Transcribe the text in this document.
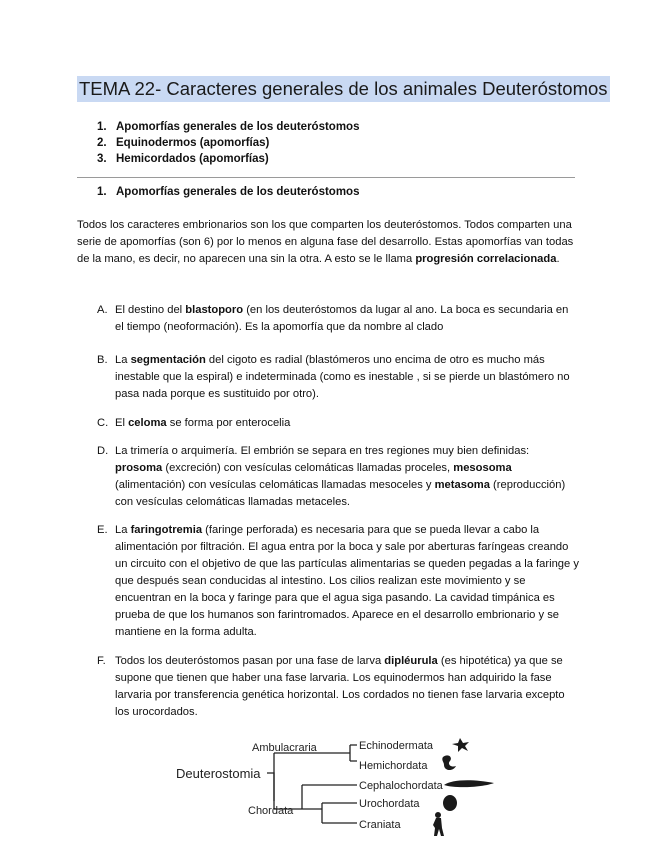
TEMA 22- Caracteres generales de los animales Deuteróstomos
1. Apomorfías generales de los deuteróstomos
2. Equinodermos (apomorfías)
3. Hemicordados (apomorfías)
1. Apomorfías generales de los deuteróstomos
Todos los caracteres embrionarios son los que comparten los deuteróstomos. Todos comparten una serie de apomorfías (son 6) por lo menos en alguna fase del desarrollo. Estas apomorfías van todas de la mano, es decir, no aparecen una sin la otra. A esto se le llama progresión correlacionada.
A. El destino del blastoporo (en los deuteróstomos da lugar al ano. La boca es secundaria en el tiempo (neoformación). Es la apomorfía que da nombre al clado
B. La segmentación del cigoto es radial (blastómeros uno encima de otro es mucho más inestable que la espiral) e indeterminada (como es inestable , si se pierde un blastómero no pasa nada porque es sustituido por otro).
C. El celoma se forma por enterocelia
D. La trimería o arquimería. El embrión se separa en tres regiones muy bien definidas: prosoma (excreción) con vesículas celomáticas llamadas proceles, mesosoma (alimentación) con vesículas celomáticas llamadas mesoceles y metasoma (reproducción) con vesículas celomáticas llamadas metaceles.
E. La faringotremia (faringe perforada) es necesaria para que se pueda llevar a cabo la alimentación por filtración. El agua entra por la boca y sale por aberturas faríngeas creando un circuito con el objetivo de que las partículas alimentarias se queden pegadas a la faringe y que después sean conducidas al intestino. Los cilios realizan este movimiento y se encuentran en la boca y faringe para que el agua siga pasando. La cavidad timpánica es prueba de que los humanos son farintromados. Aparece en el desarrollo embrionario y se mantiene en la forma adulta.
F. Todos los deuteróstomos pasan por una fase de larva dipléurula (es hipotética) ya que se supone que tienen que haber una fase larvaria. Los equinodermos han adquirido la fase larvaria por transferencia genética horizontal. Los cordados no tienen fase larvaria excepto los urocordados.
Ambulacraria
Deuterostomia
Chordata
Echinodermata
Hemichordata
Cephalochordata
Urochordata
Craniata
